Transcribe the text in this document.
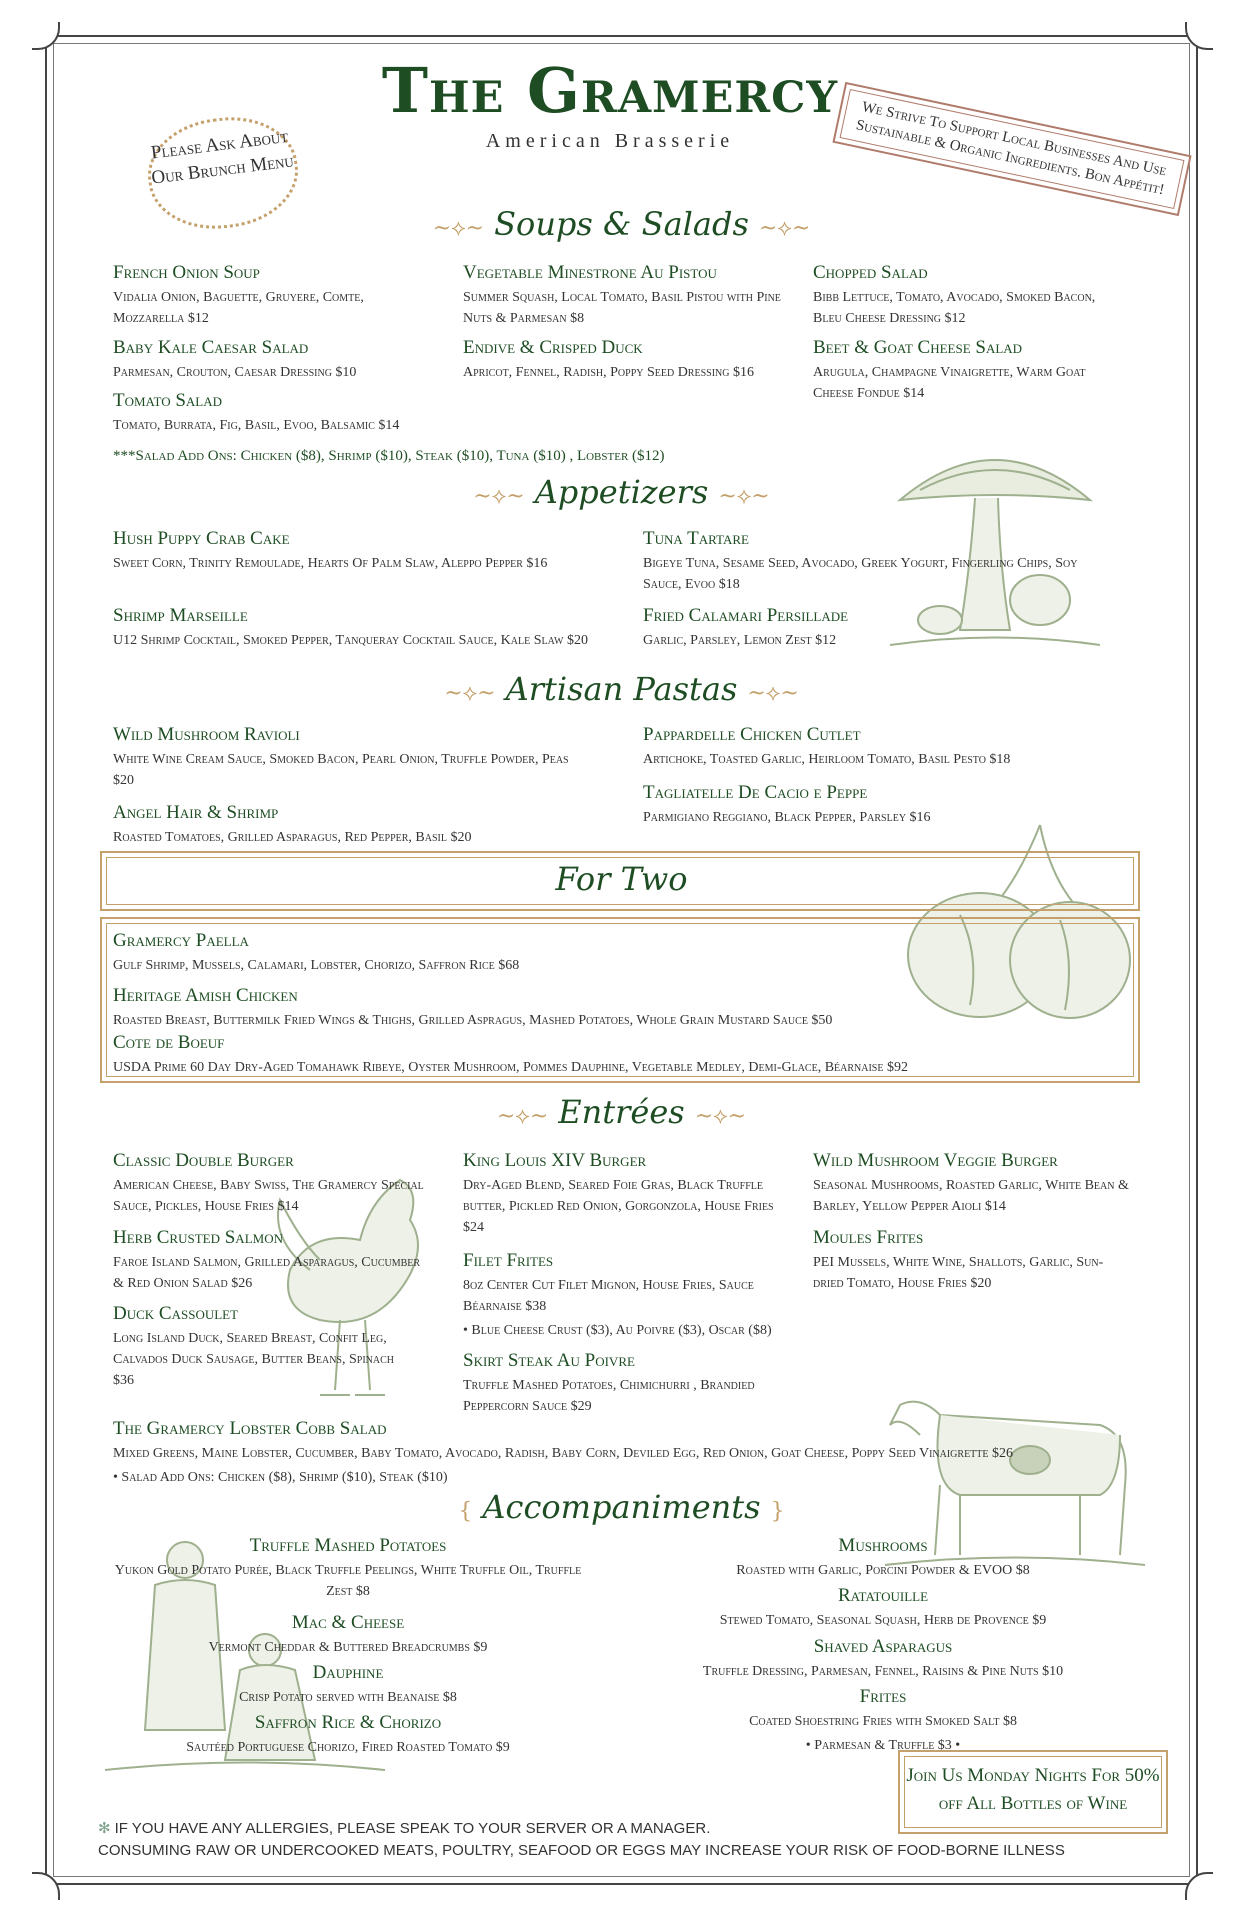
The Gramercy
American Brasserie
Please Ask About Our Brunch Menu	We Strive To Support Local Businesses And Use Sustainable & Organic Ingredients. Bon Appétit!
~⟡~ Soups & Salads ~⟡~
French Onion Soup
Vidalia Onion, Baguette, Gruyere, Comte, Mozzarella $12
Vegetable Minestrone Au Pistou
Summer Squash, Local Tomato, Basil Pistou with Pine Nuts & Parmesan $8
Chopped Salad
Bibb Lettuce, Tomato, Avocado, Smoked Bacon, Bleu Cheese Dressing $12
Baby Kale Caesar Salad
Parmesan, Crouton, Caesar Dressing $10
Endive & Crisped Duck
Apricot, Fennel, Radish, Poppy Seed Dressing $16
Beet & Goat Cheese Salad
Arugula, Champagne Vinaigrette, Warm Goat Cheese Fondue $14
Tomato Salad
Tomato, Burrata, Fig, Basil, Evoo, Balsamic $14
***Salad Add Ons: Chicken ($8), Shrimp ($10), Steak ($10), Tuna ($10) , Lobster ($12)
~⟡~ Appetizers ~⟡~
Hush Puppy Crab Cake
Sweet Corn, Trinity Remoulade, Hearts Of Palm Slaw, Aleppo Pepper $16
Tuna Tartare
Bigeye Tuna, Sesame Seed, Avocado, Greek Yogurt, Fingerling Chips, Soy Sauce, Evoo $18
Shrimp Marseille
U12 Shrimp Cocktail, Smoked Pepper, Tanqueray Cocktail Sauce, Kale Slaw $20
Fried Calamari Persillade
Garlic, Parsley, Lemon Zest $12
~⟡~ Artisan Pastas ~⟡~
Wild Mushroom Ravioli
White Wine Cream Sauce, Smoked Bacon, Pearl Onion, Truffle Powder, Peas $20
Pappardelle Chicken Cutlet
Artichoke, Toasted Garlic, Heirloom Tomato, Basil Pesto $18
Angel Hair & Shrimp
Roasted Tomatoes, Grilled Asparagus, Red Pepper, Basil $20
Tagliatelle De Cacio e Peppe
Parmigiano Reggiano, Black Pepper, Parsley $16
For Two
Gramercy Paella
Gulf Shrimp, Mussels, Calamari, Lobster, Chorizo, Saffron Rice $68
Heritage Amish Chicken
Roasted Breast, Buttermilk Fried Wings & Thighs, Grilled Aspragus, Mashed Potatoes, Whole Grain Mustard Sauce $50
Cote de Boeuf
USDA Prime 60 Day Dry-Aged Tomahawk Ribeye, Oyster Mushroom, Pommes Dauphine, Vegetable Medley, Demi-Glace, Béarnaise $92
~⟡~ Entrées ~⟡~
Classic Double Burger
American Cheese, Baby Swiss, The Gramercy Special Sauce, Pickles, House Fries $14
King Louis XIV Burger
Dry-Aged Blend, Seared Foie Gras, Black Truffle butter, Pickled Red Onion, Gorgonzola, House Fries $24
Wild Mushroom Veggie Burger
Seasonal Mushrooms, Roasted Garlic, White Bean & Barley, Yellow Pepper Aioli $14
Herb Crusted Salmon
Faroe Island Salmon, Grilled Asparagus, Cucumber & Red Onion Salad $26
Filet Frites
8oz Center Cut Filet Mignon, House Fries, Sauce Béarnaise $38
• Blue Cheese Crust ($3), Au Poivre ($3), Oscar ($8)
Moules Frites
PEI Mussels, White Wine, Shallots, Garlic, Sun-dried Tomato, House Fries $20
Duck Cassoulet
Long Island Duck, Seared Breast, Confit Leg, Calvados Duck Sausage, Butter Beans, Spinach $36
Skirt Steak Au Poivre
Truffle Mashed Potatoes, Chimichurri , Brandied Peppercorn Sauce $29
The Gramercy Lobster Cobb Salad
Mixed Greens, Maine Lobster, Cucumber, Baby Tomato, Avocado, Radish, Baby Corn, Deviled Egg, Red Onion, Goat Cheese, Poppy Seed Vinaigrette $26
• Salad Add Ons: Chicken ($8), Shrimp ($10), Steak ($10)
{ Accompaniments }
Truffle Mashed Potatoes
Yukon Gold Potato Purée, Black Truffle Peelings, White Truffle Oil, Truffle Zest $8
Mac & Cheese
Vermont Cheddar & Buttered Breadcrumbs $9
Dauphine
Crisp Potato served with Beanaise $8
Saffron Rice & Chorizo
Sautéed Portuguese Chorizo, Fired Roasted Tomato $9
Mushrooms
Roasted with Garlic, Porcini Powder & EVOO $8
Ratatouille
Stewed Tomato, Seasonal Squash, Herb de Provence $9
Shaved Asparagus
Truffle Dressing, Parmesan, Fennel, Raisins & Pine Nuts $10
Frites
Coated Shoestring Fries with Smoked Salt $8
• Parmesan & Truffle $3 •
Join Us Monday Nights For 50% off All Bottles of Wine
✻ IF YOU HAVE ANY ALLERGIES, PLEASE SPEAK TO YOUR SERVER OR A MANAGER.
CONSUMING RAW OR UNDERCOOKED MEATS, POULTRY, SEAFOOD OR EGGS MAY INCREASE YOUR RISK OF FOOD-BORNE ILLNESS
